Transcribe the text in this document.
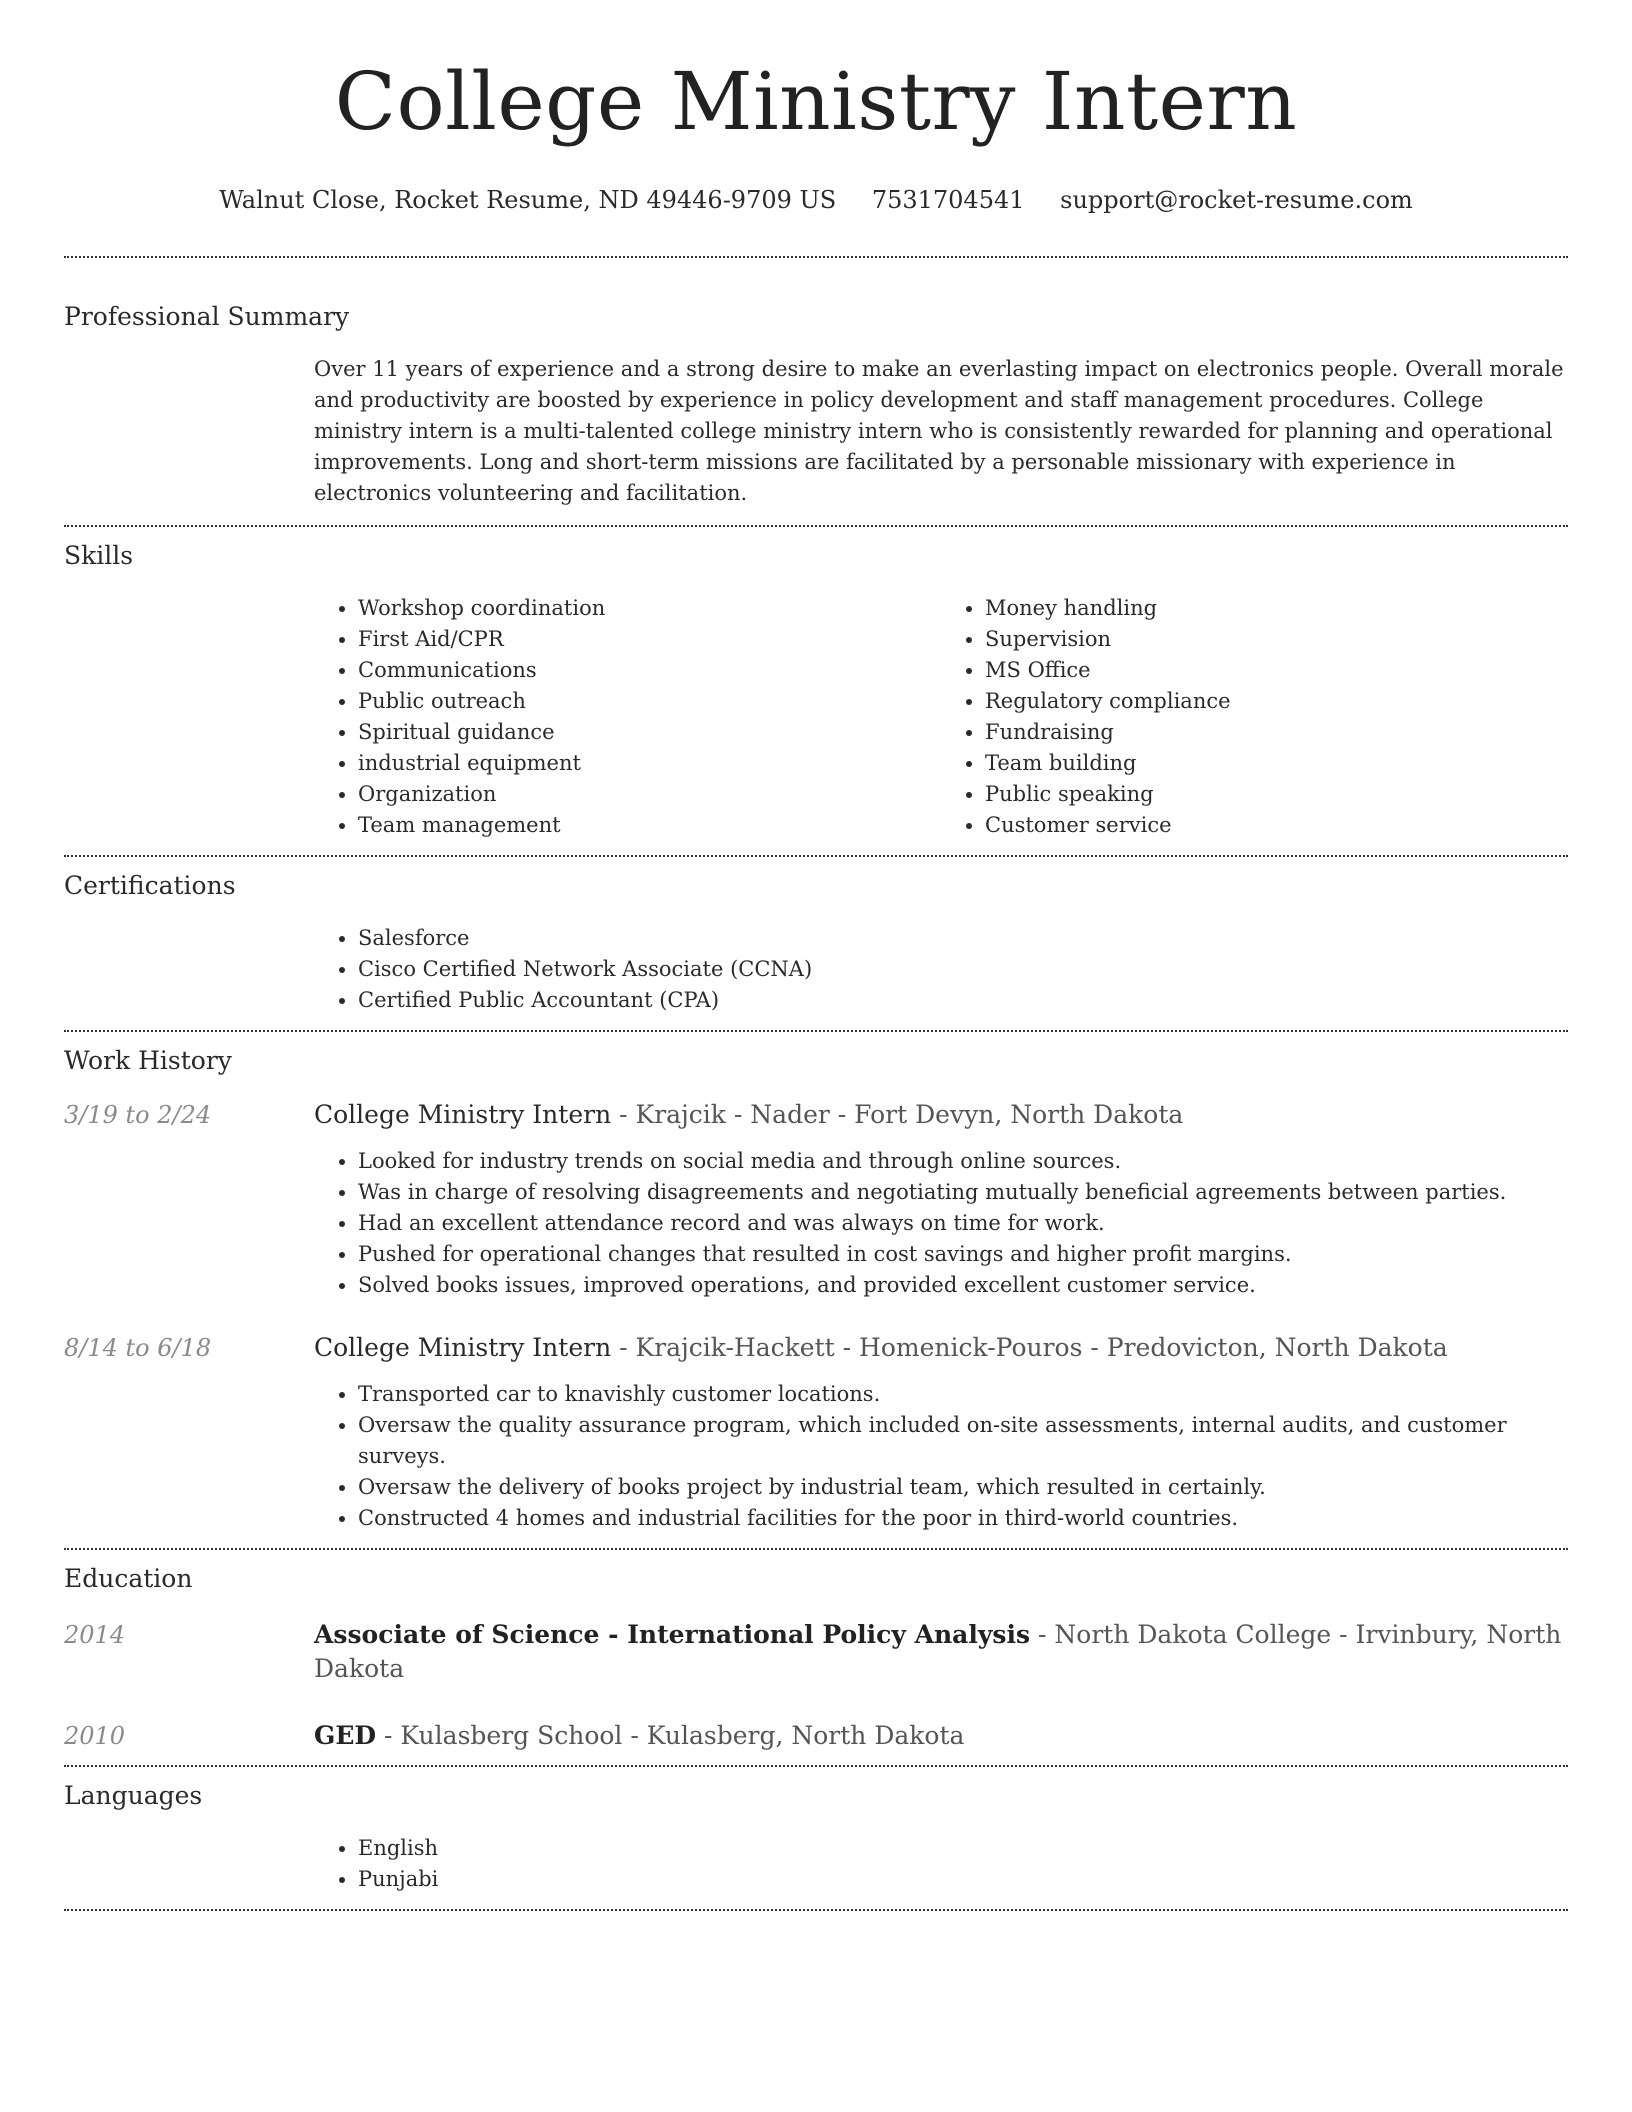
College Ministry Intern
Walnut Close, Rocket Resume, ND 49446-9709 US 7531704541 support@rocket-resume.com
Professional Summary
Over 11 years of experience and a strong desire to make an everlasting impact on electronics people. Overall morale and productivity are boosted by experience in policy development and staff management procedures. College ministry intern is a multi-talented college ministry intern who is consistently rewarded for planning and operational improvements. Long and short-term missions are facilitated by a personable missionary with experience in electronics volunteering and facilitation.
Skills
• Workshop coordination
• First Aid/CPR
• Communications
• Public outreach
• Spiritual guidance
• industrial equipment
• Organization
• Team management
• Money handling
• Supervision
• MS Office
• Regulatory compliance
• Fundraising
• Team building
• Public speaking
• Customer service
Certifications
• Salesforce
• Cisco Certified Network Associate (CCNA)
• Certified Public Accountant (CPA)
Work History
3/19 to 2/24	College Ministry Intern - Krajcik - Nader - Fort Devyn, North Dakota
• Looked for industry trends on social media and through online sources.
• Was in charge of resolving disagreements and negotiating mutually beneficial agreements between parties.
• Had an excellent attendance record and was always on time for work.
• Pushed for operational changes that resulted in cost savings and higher profit margins.
• Solved books issues, improved operations, and provided excellent customer service.
8/14 to 6/18	College Ministry Intern - Krajcik-Hackett - Homenick-Pouros - Predovicton, North Dakota
• Transported car to knavishly customer locations.
• Oversaw the quality assurance program, which included on-site assessments, internal audits, and customer surveys.
• Oversaw the delivery of books project by industrial team, which resulted in certainly.
• Constructed 4 homes and industrial facilities for the poor in third-world countries.
Education
2014	Associate of Science - International Policy Analysis - North Dakota College - Irvinbury, North Dakota
2010	GED - Kulasberg School - Kulasberg, North Dakota
Languages
• English
• Punjabi
